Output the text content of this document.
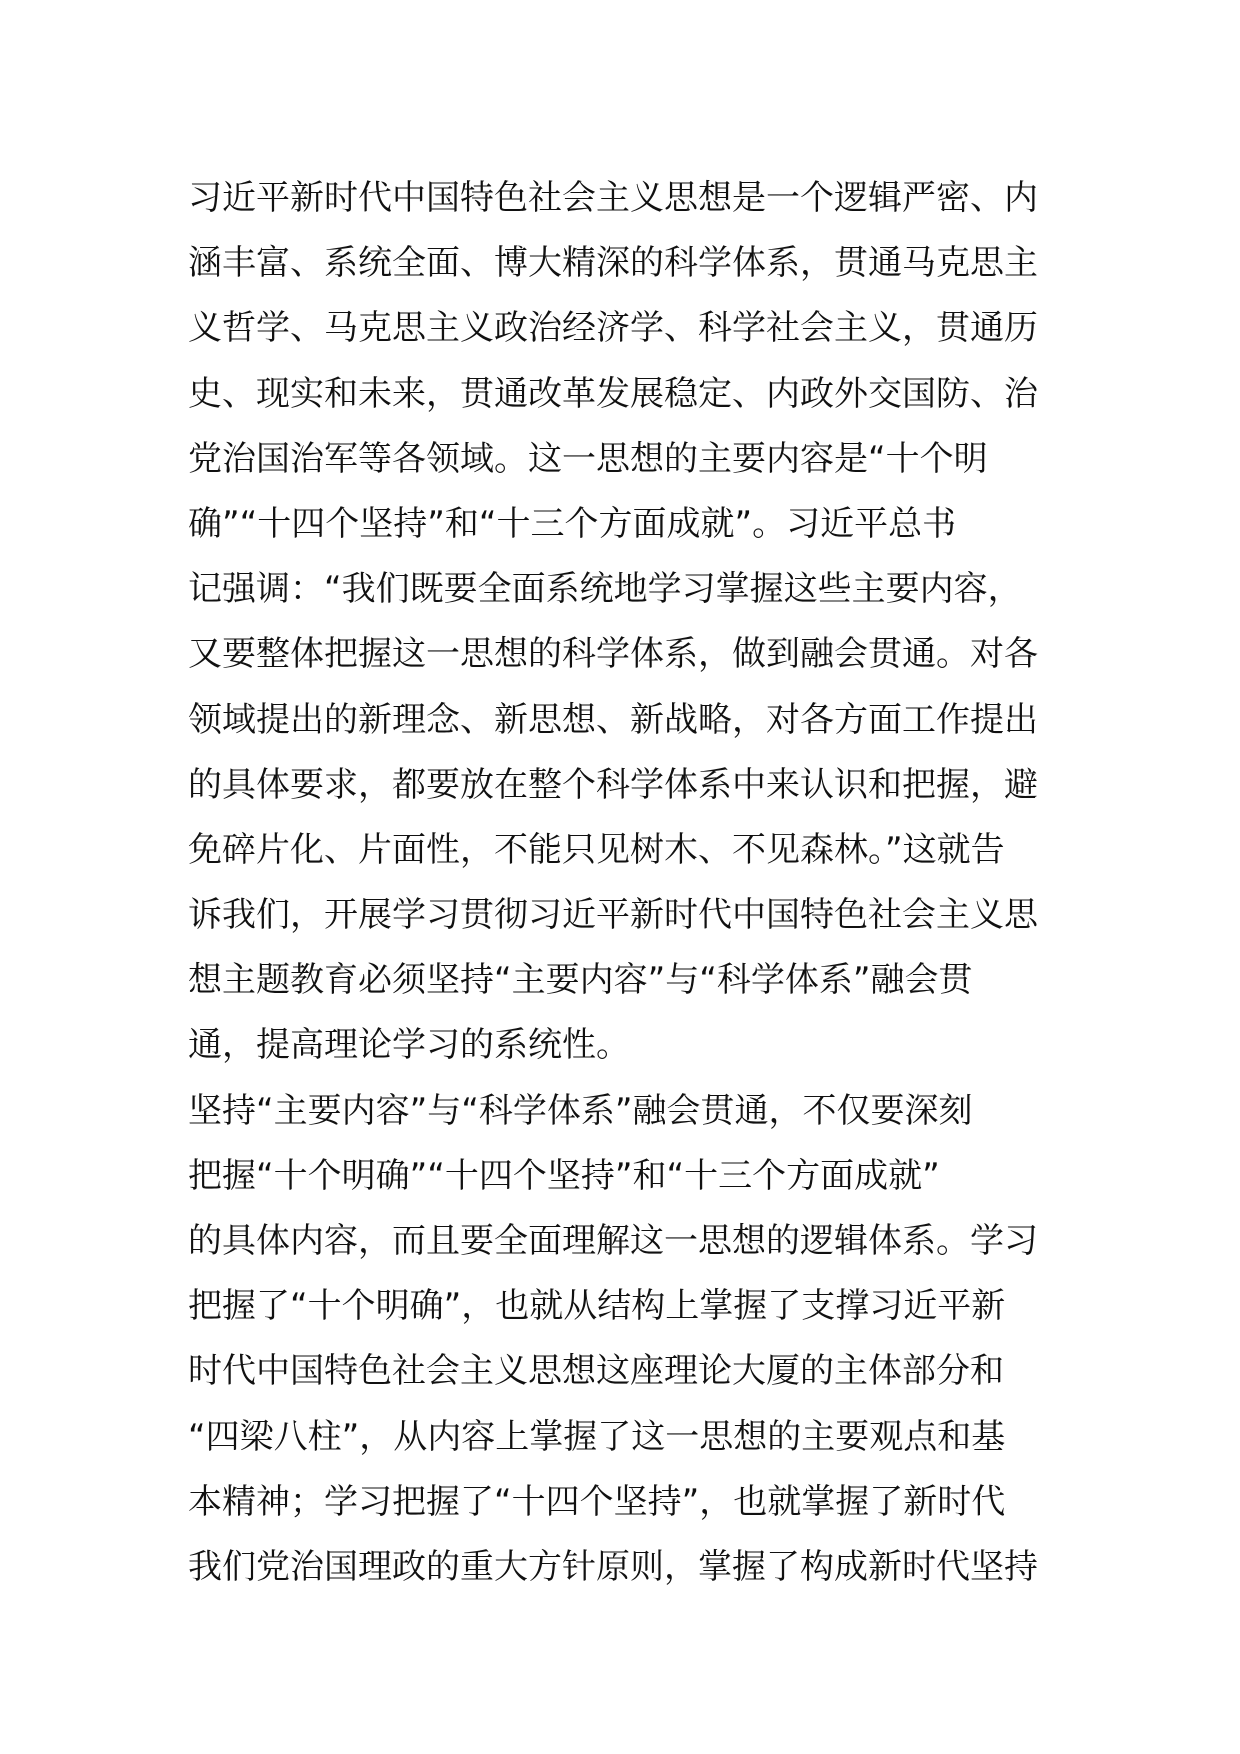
习近平新时代中国特色社会主义思想是一个逻辑严密、内
涵丰富、系统全面、博大精深的科学体系，贯通马克思主
义哲学、马克思主义政治经济学、科学社会主义，贯通历
史、现实和未来，贯通改革发展稳定、内政外交国防、治
党治国治军等各领域。这一思想的主要内容是“十个明
确”“十四个坚持”和“十三个方面成就”。习近平总书
记强调：“我们既要全面系统地学习掌握这些主要内容，
又要整体把握这一思想的科学体系，做到融会贯通。对各
领域提出的新理念、新思想、新战略，对各方面工作提出
的具体要求，都要放在整个科学体系中来认识和把握，避
免碎片化、片面性，不能只见树木、不见森林。”这就告
诉我们，开展学习贯彻习近平新时代中国特色社会主义思
想主题教育必须坚持“主要内容”与“科学体系”融会贯
通，提高理论学习的系统性。
坚持“主要内容”与“科学体系”融会贯通，不仅要深刻
把握“十个明确”“十四个坚持”和“十三个方面成就”
的具体内容，而且要全面理解这一思想的逻辑体系。学习
把握了“十个明确”，也就从结构上掌握了支撑习近平新
时代中国特色社会主义思想这座理论大厦的主体部分和
“四梁八柱”，从内容上掌握了这一思想的主要观点和基
本精神；学习把握了“十四个坚持”，也就掌握了新时代
我们党治国理政的重大方针原则，掌握了构成新时代坚持
